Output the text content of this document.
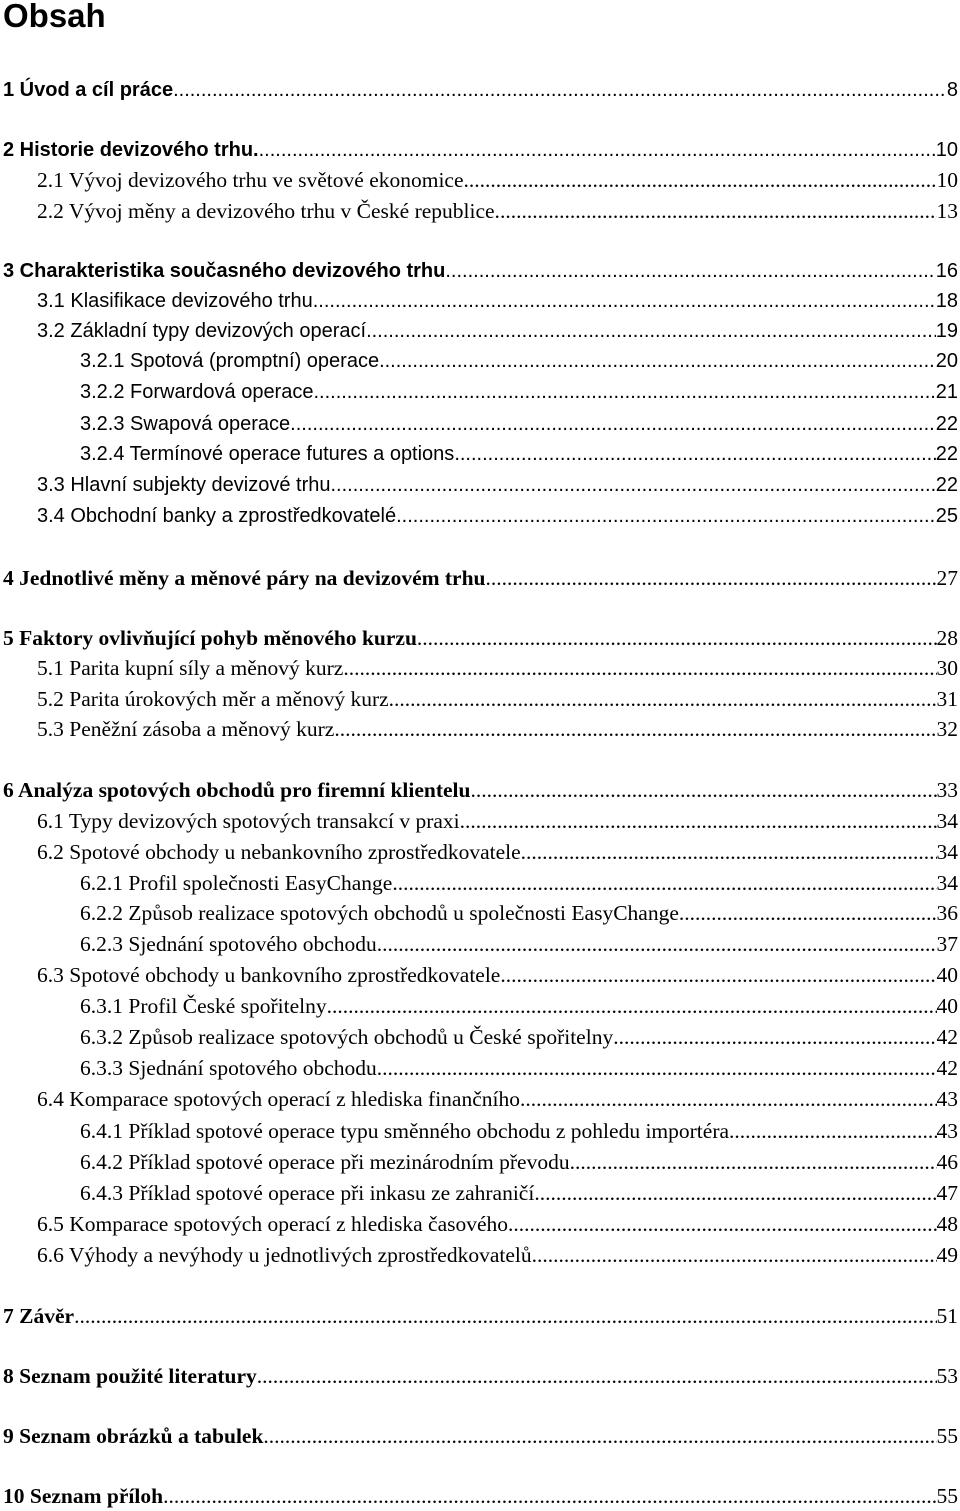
Obsah
1 Úvod a cíl práce .....	8
2 Historie devizového trhu. .....	10
2.1 Vývoj devizového trhu ve světové ekonomice .....	10
2.2 Vývoj měny a devizového trhu v České republice. .....	13
3 Charakteristika současného devizového trhu .....	16
3.1 Klasifikace devizového trhu .....	18
3.2 Základní typy devizových operací .....	19
3.2.1 Spotová (promptní) operace .....	20
3.2.2 Forwardová operace .....	21
3.2.3 Swapová operace .....	22
3.2.4 Termínové operace futures a options .....	22
3.3 Hlavní subjekty devizové trhu .....	22
3.4 Obchodní banky a zprostředkovatelé .....	25
4 Jednotlivé měny a měnové páry na devizovém trhu .....	27
5 Faktory ovlivňující pohyb měnového kurzu .....	28
5.1 Parita kupní síly a měnový kurz .....	30
5.2 Parita úrokových měr a měnový kurz .....	31
5.3 Peněžní zásoba a měnový kurz .....	32
6 Analýza spotových obchodů pro firemní klientelu .....	33
6.1 Typy devizových spotových transakcí v praxi .....	34
6.2 Spotové obchody u nebankovního zprostředkovatele .....	34
6.2.1 Profil společnosti EasyChange .....	34
6.2.2 Způsob realizace spotových obchodů u společnosti EasyChange .....	36
6.2.3 Sjednání spotového obchodu .....	37
6.3 Spotové obchody u bankovního zprostředkovatele .....	40
6.3.1 Profil České spořitelny .....	40
6.3.2 Způsob realizace spotových obchodů u České spořitelny .....	42
6.3.3 Sjednání spotového obchodu .....	42
6.4 Komparace spotových operací z hlediska finančního .....	43
6.4.1 Příklad spotové operace typu směnného obchodu z pohledu importéra .....	43
6.4.2 Příklad spotové operace při mezinárodním převodu .....	46
6.4.3 Příklad spotové operace při inkasu ze zahraničí .....	47
6.5 Komparace spotových operací z hlediska časového .....	48
6.6 Výhody a nevýhody u jednotlivých zprostředkovatelů .....	49
7 Závěr .....	51
8 Seznam použité literatury .....	53
9 Seznam obrázků a tabulek .....	55
10 Seznam příloh .....	55
